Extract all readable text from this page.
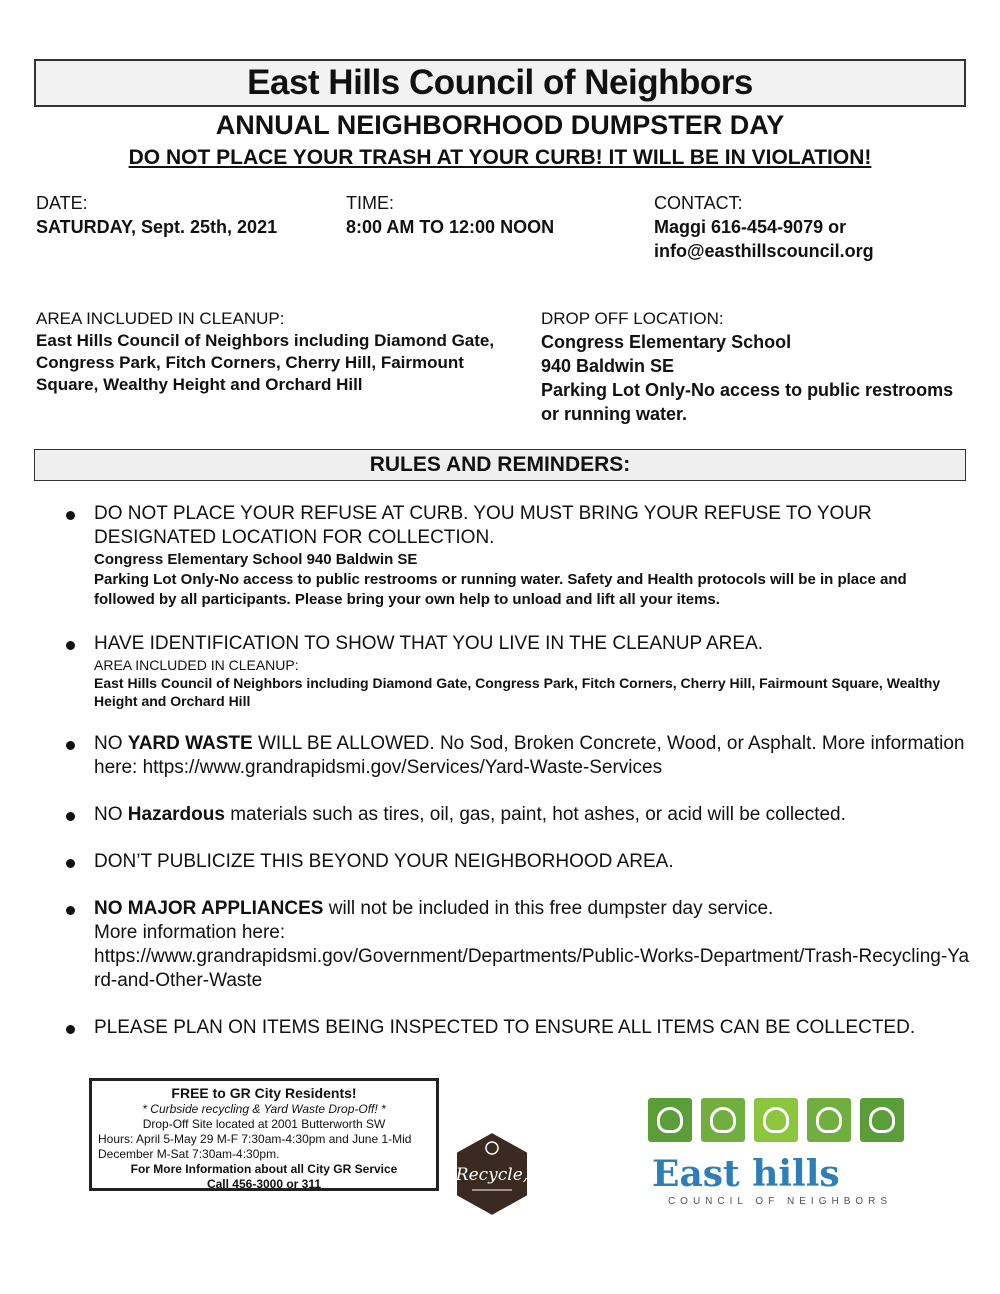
East Hills Council of Neighbors
ANNUAL NEIGHBORHOOD DUMPSTER DAY
DO NOT PLACE YOUR TRASH AT YOUR CURB! IT WILL BE IN VIOLATION!
DATE:
SATURDAY, Sept. 25th, 2021
TIME:
8:00 AM TO 12:00 NOON
CONTACT:
Maggi 616-454-9079 or
info@easthillscouncil.org
AREA INCLUDED IN CLEANUP:
East Hills Council of Neighbors including Diamond Gate, Congress Park, Fitch Corners, Cherry Hill, Fairmount Square, Wealthy Height and Orchard Hill
DROP OFF LOCATION:
Congress Elementary School
940 Baldwin SE
Parking Lot Only-No access to public restrooms or running water.
RULES AND REMINDERS:
DO NOT PLACE YOUR REFUSE AT CURB. YOU MUST BRING YOUR REFUSE TO YOUR DESIGNATED LOCATION FOR COLLECTION.
Congress Elementary School 940 Baldwin SE
Parking Lot Only-No access to public restrooms or running water. Safety and Health protocols will be in place and followed by all participants. Please bring your own help to unload and lift all your items.
HAVE IDENTIFICATION TO SHOW THAT YOU LIVE IN THE CLEANUP AREA.
AREA INCLUDED IN CLEANUP:
East Hills Council of Neighbors including Diamond Gate, Congress Park, Fitch Corners, Cherry Hill, Fairmount Square, Wealthy Height and Orchard Hill
NO YARD WASTE WILL BE ALLOWED. No Sod, Broken Concrete, Wood, or Asphalt. More information here: https://www.grandrapidsmi.gov/Services/Yard-Waste-Services
NO Hazardous materials such as tires, oil, gas, paint, hot ashes, or acid will be collected.
DON’T PUBLICIZE THIS BEYOND YOUR NEIGHBORHOOD AREA.
NO MAJOR APPLIANCES will not be included in this free dumpster day service.
More information here:
https://www.grandrapidsmi.gov/Government/Departments/Public-Works-Department/Trash-Recycling-Yard-and-Other-Waste
PLEASE PLAN ON ITEMS BEING INSPECTED TO ENSURE ALL ITEMS CAN BE COLLECTED.
FREE to GR City Residents!
* Curbside recycling & Yard Waste Drop-Off! *
Drop-Off Site located at 2001 Butterworth SW
Hours: April 5-May 29 M-F 7:30am-4:30pm and June 1-Mid December M-Sat 7:30am-4:30pm.
For More Information about all City GR Service
Call 456-3000 or 311	Recycle,	East hills
COUNCIL OF NEIGHBORS
